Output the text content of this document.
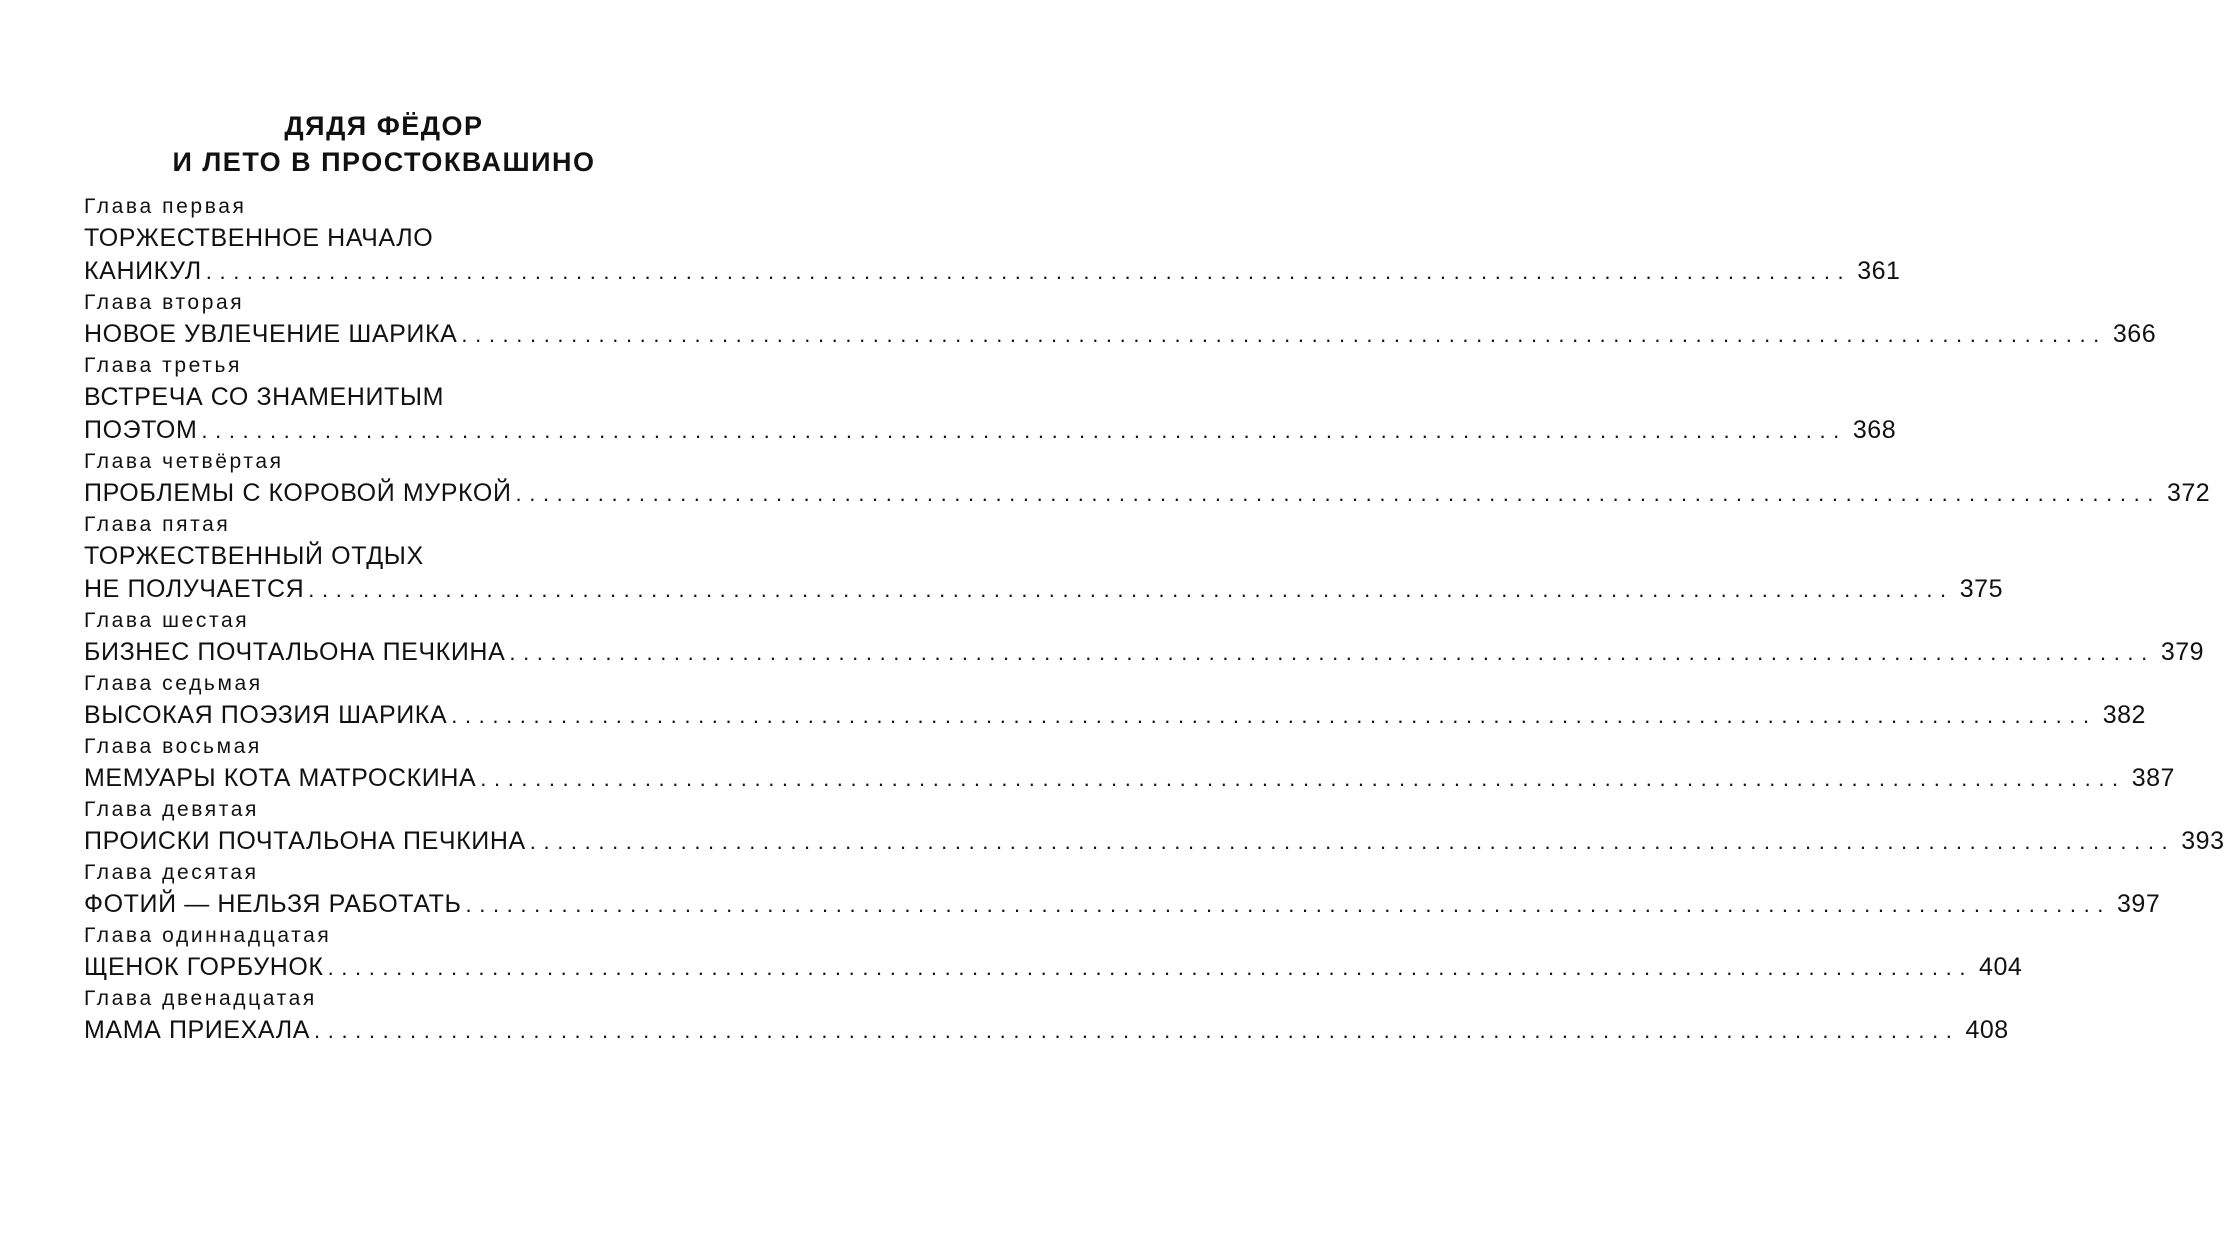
ДЯДЯ ФЁДОР
И ЛЕТО В ПРОСТОКВАШИНО
Глава первая
ТОРЖЕСТВЕННОЕ НАЧАЛО
КАНИКУЛ ........................................................................................................................ 361
Глава вторая
НОВОЕ УВЛЕЧЕНИЕ ШАРИКА ........................................................................................................................ 366
Глава третья
ВСТРЕЧА СО ЗНАМЕНИТЫМ
ПОЭТОМ ........................................................................................................................ 368
Глава четвёртая
ПРОБЛЕМЫ С КОРОВОЙ МУРКОЙ ........................................................................................................................ 372
Глава пятая
ТОРЖЕСТВЕННЫЙ ОТДЫХ
НЕ ПОЛУЧАЕТСЯ ........................................................................................................................ 375
Глава шестая
БИЗНЕС ПОЧТАЛЬОНА ПЕЧКИНА ........................................................................................................................ 379
Глава седьмая
ВЫСОКАЯ ПОЭЗИЯ ШАРИКА ........................................................................................................................ 382
Глава восьмая
МЕМУАРЫ КОТА МАТРОСКИНА ........................................................................................................................ 387
Глава девятая
ПРОИСКИ ПОЧТАЛЬОНА ПЕЧКИНА ........................................................................................................................ 393
Глава десятая
ФОТИЙ — НЕЛЬЗЯ РАБОТАТЬ ........................................................................................................................ 397
Глава одиннадцатая
ЩЕНОК ГОРБУНОК ........................................................................................................................ 404
Глава двенадцатая
МАМА ПРИЕХАЛА ........................................................................................................................ 408
